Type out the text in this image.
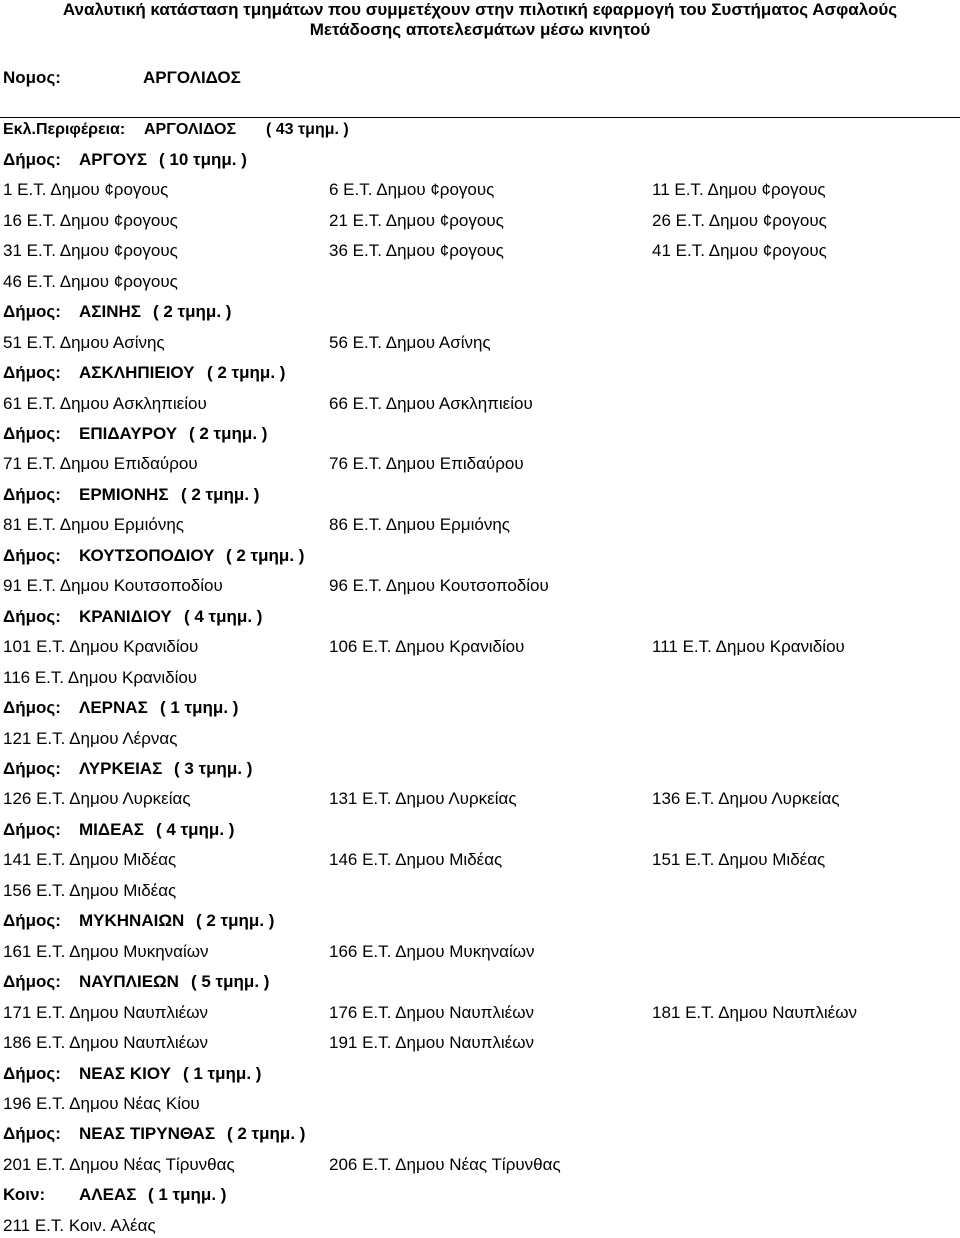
Αναλυτική κατάσταση τμημάτων που συμμετέχουν στην πιλοτική εφαρμογή του Συστήματος Ασφαλούς
Μετάδοσης αποτελεσμάτων μέσω κινητού
Νομος:	ΑΡΓΟΛΙΔΟΣ
Εκλ.Περιφέρεια: ΑΡΓΟΛΙΔΟΣ ( 43 τμημ. )
Δήμος: ΑΡΓΟΥΣ ( 10 τμημ. )
1 Ε.Τ. Δημου ¢ρογους	6 Ε.Τ. Δημου ¢ρογους	11 Ε.Τ. Δημου ¢ρογους
16 Ε.Τ. Δημου ¢ρογους	21 Ε.Τ. Δημου ¢ρογους	26 Ε.Τ. Δημου ¢ρογους
31 Ε.Τ. Δημου ¢ρογους	36 Ε.Τ. Δημου ¢ρογους	41 Ε.Τ. Δημου ¢ρογους
46 Ε.Τ. Δημου ¢ρογους
Δήμος: ΑΣΙΝΗΣ ( 2 τμημ. )
51 Ε.Τ. Δημου Ασίνης	56 Ε.Τ. Δημου Ασίνης
Δήμος: ΑΣΚΛΗΠΙΕΙΟΥ ( 2 τμημ. )
61 Ε.Τ. Δημου Ασκληπιείου	66 Ε.Τ. Δημου Ασκληπιείου
Δήμος: ΕΠΙΔΑΥΡΟΥ ( 2 τμημ. )
71 Ε.Τ. Δημου Επιδαύρου	76 Ε.Τ. Δημου Επιδαύρου
Δήμος: ΕΡΜΙΟΝΗΣ ( 2 τμημ. )
81 Ε.Τ. Δημου Ερμιόνης	86 Ε.Τ. Δημου Ερμιόνης
Δήμος: ΚΟΥΤΣΟΠΟΔΙΟΥ ( 2 τμημ. )
91 Ε.Τ. Δημου Κουτσοποδίου	96 Ε.Τ. Δημου Κουτσοποδίου
Δήμος: ΚΡΑΝΙΔΙΟΥ ( 4 τμημ. )
101 Ε.Τ. Δημου Κρανιδίου	106 Ε.Τ. Δημου Κρανιδίου	111 Ε.Τ. Δημου Κρανιδίου
116 Ε.Τ. Δημου Κρανιδίου
Δήμος: ΛΕΡΝΑΣ ( 1 τμημ. )
121 Ε.Τ. Δημου Λέρνας
Δήμος: ΛΥΡΚΕΙΑΣ ( 3 τμημ. )
126 Ε.Τ. Δημου Λυρκείας	131 Ε.Τ. Δημου Λυρκείας	136 Ε.Τ. Δημου Λυρκείας
Δήμος: ΜΙΔΕΑΣ ( 4 τμημ. )
141 Ε.Τ. Δημου Μιδέας	146 Ε.Τ. Δημου Μιδέας	151 Ε.Τ. Δημου Μιδέας
156 Ε.Τ. Δημου Μιδέας
Δήμος: ΜΥΚΗΝΑΙΩΝ ( 2 τμημ. )
161 Ε.Τ. Δημου Μυκηναίων	166 Ε.Τ. Δημου Μυκηναίων
Δήμος: ΝΑΥΠΛΙΕΩΝ ( 5 τμημ. )
171 Ε.Τ. Δημου Ναυπλιέων	176 Ε.Τ. Δημου Ναυπλιέων	181 Ε.Τ. Δημου Ναυπλιέων
186 Ε.Τ. Δημου Ναυπλιέων	191 Ε.Τ. Δημου Ναυπλιέων
Δήμος: ΝΕΑΣ ΚΙΟΥ ( 1 τμημ. )
196 Ε.Τ. Δημου Νέας Κίου
Δήμος: ΝΕΑΣ ΤΙΡΥΝΘΑΣ ( 2 τμημ. )
201 Ε.Τ. Δημου Νέας Τίρυνθας	206 Ε.Τ. Δημου Νέας Τίρυνθας
Κοιν: ΑΛΕΑΣ ( 1 τμημ. )
211 Ε.Τ. Κοιν. Αλέας
